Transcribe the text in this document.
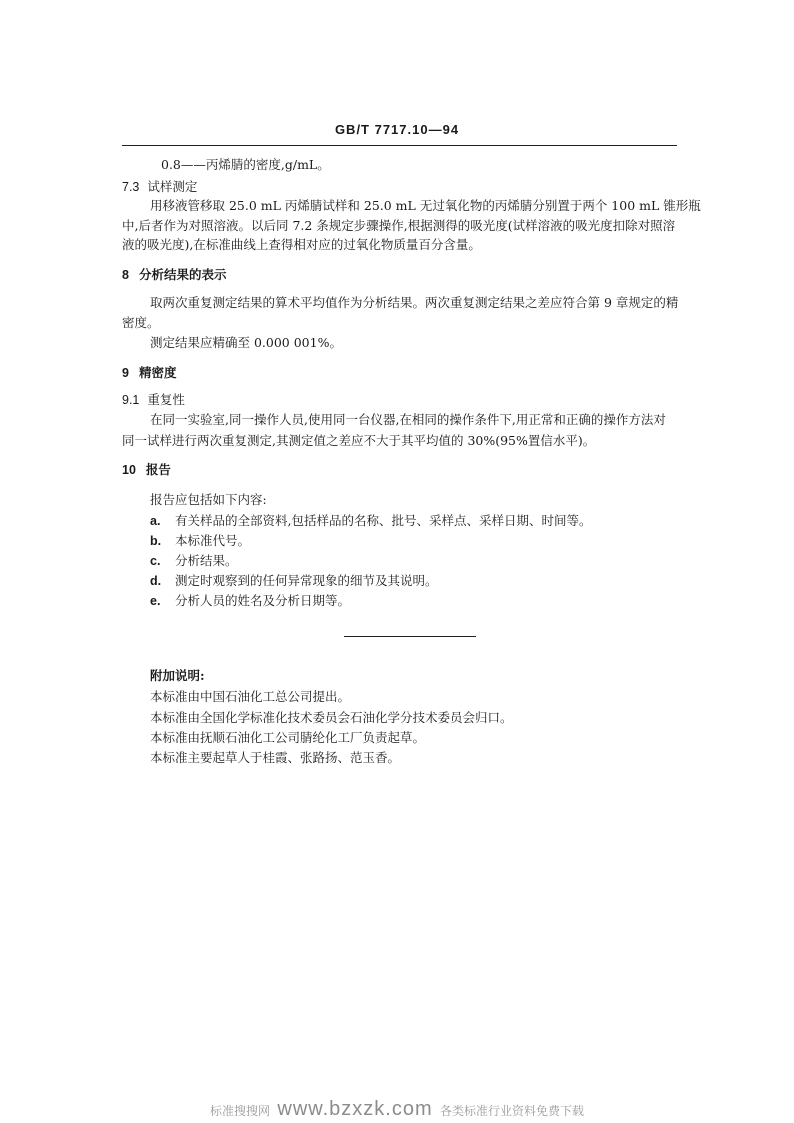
GB/T 7717.10—94
0.8——丙烯腈的密度,g/mL。
7.3 试样测定
用移液管移取 25.0 mL 丙烯腈试样和 25.0 mL 无过氧化物的丙烯腈分别置于两个 100 mL 锥形瓶
中,后者作为对照溶液。以后同 7.2 条规定步骤操作,根据测得的吸光度(试样溶液的吸光度扣除对照溶
液的吸光度),在标准曲线上查得相对应的过氧化物质量百分含量。
8 分析结果的表示
取两次重复测定结果的算术平均值作为分析结果。两次重复测定结果之差应符合第 9 章规定的精
密度。
测定结果应精确至 0.000 001%。
9 精密度
9.1 重复性
在同一实验室,同一操作人员,使用同一台仪器,在相同的操作条件下,用正常和正确的操作方法对
同一试样进行两次重复测定,其测定值之差应不大于其平均值的 30%(95%置信水平)。
10 报告
报告应包括如下内容:
a. 有关样品的全部资料,包括样品的名称、批号、采样点、采样日期、时间等。
b. 本标准代号。
c. 分析结果。
d. 测定时观察到的任何异常现象的细节及其说明。
e. 分析人员的姓名及分析日期等。
附加说明:
本标准由中国石油化工总公司提出。
本标准由全国化学标准化技术委员会石油化学分技术委员会归口。
本标准由抚顺石油化工公司腈纶化工厂负责起草。
本标准主要起草人于桂霞、张路扬、范玉香。
标准搜搜网 www.bzxzk.com 各类标准行业资料免费下载
